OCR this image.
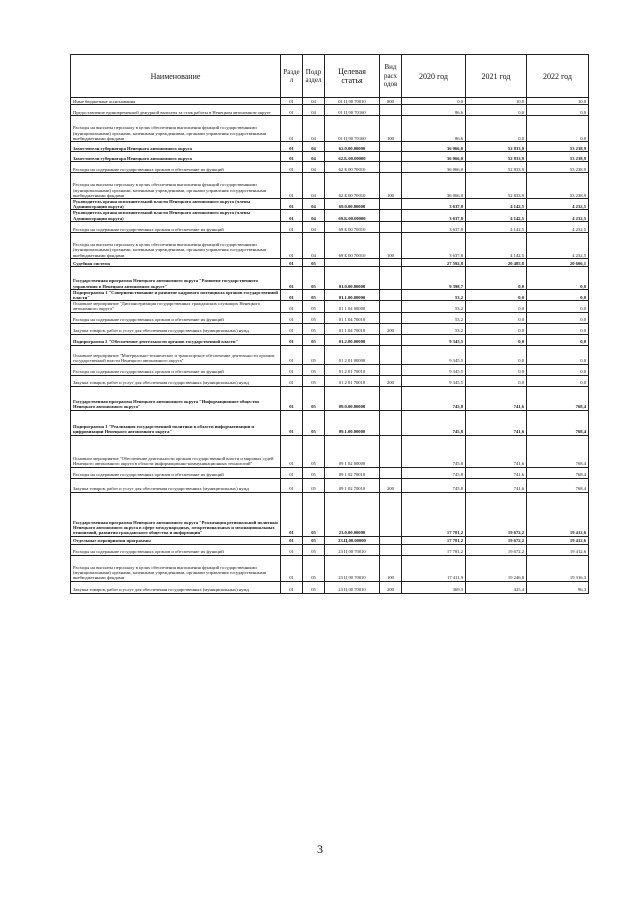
Наименование	Разде л	Подр аздел	Целевая статья	Вид расх одов	2020 год	2021 год	2022 год
Иные бюджетные ассигнования	01	04	01 Ц 00 70010	800	0,0	10,0	10,0
Предоставление единовременной дежурной выплаты за стаж работы в Ненецком автономном округе	01	04	01 Ц 00 70160		86,6	0,0	0,0
Расходы на выплаты персоналу в целях обеспечения выполнения функций государственными (муниципальными) органами, казенными учреждениями, органами управления государственными внебюджетными фондами	01	04	01 Ц 00 70160	100	86,6	0,0	0,0
Заместители губернатора Ненецкого автономного округа	01	04	62.0.00.00000		36 066,0	52 833,9	53 238,9
Заместители губернатора Ненецкого автономного округа	01	04	62.Б.00.00000		36 066,0	52 833,9	53 238,9
Расходы на содержание государственных органов и обеспечение их функций	01	04	62 Б 00 70010		36 066,0	52 833,9	53 238,9
Расходы на выплаты персоналу в целях обеспечения выполнения функций государственными (муниципальными) органами, казенными учреждениями, органами управления государственными внебюджетными фондами	01	04	62 Б 00 70010	100	36 066,0	52 833,9	53 238,9
Руководитель органа исполнительной власти Ненецкого автономного округа (члены Администрации округа)	01	04	69.0.00.00000		3 637,8	4 142,5	4 232,5
Руководитель органа исполнительной власти Ненецкого автономного округа (члены Администрации округа)	01	04	69.Б.00.00000		3 637,8	4 142,5	4 232,5
Расходы на содержание государственных органов и обеспечение их функций	01	04	69 Б 00 70010		3 637,8	4 142,5	4 232,5
Расходы на выплаты персоналу в целях обеспечения выполнения функций государственными (муниципальными) органами, казенными учреждениями, органами управления государственными внебюджетными фондами	01	04	69 Б 00 70010	100	3 637,8	4 142,5	4 232,5
Судебная система	01	05			27 592,8	20 485,8	20 606,1
Государственная программа Ненецкого автономного округа "Развитие государственного управления в Ненецком автономном округе"	01	05	01.0.00.00000		9 398,7	0,0	0,0
Подпрограмма 1 "Совершенствование и развитие кадрового потенциала органов государственной власти"	01	05	01.1.00.00000		53,2	0,0	0,0
Основное мероприятие "Диспансеризация государственных гражданских служащих Ненецкого автономного округа"	01	05	01 1 04 00000		53,2	0,0	0,0
Расходы на содержание государственных органов и обеспечение их функций	01	05	01 1 04 70010		53,2	0,0	0,0
Закупка товаров, работ и услуг для обеспечения государственных (муниципальных) нужд	01	05	01 1 04 70010	200	53,2	0,0	0,0
Подпрограмма 2 "Обеспечение деятельности органов государственной власти"	01	05	01.2.00.00000		9 345,5	0,0	0,0
Основное мероприятие "Материально-техническое и транспортное обеспечение деятельности органов государственной власти Ненецкого автономного округа"	01	05	01 2 01 00000		9 345,5	0,0	0,0
Расходы на содержание государственных органов и обеспечение их функций	01	05	01 2 01 70010		9 345,5	0,0	0,0
Закупка товаров, работ и услуг для обеспечения государственных (муниципальных) нужд	01	05	01 2 01 70010	200	9 345,5	0,0	0,0
Государственная программа Ненецкого автономного округа "Информационное общество Ненецкого автономного округа"	01	05	09.0.00.00000		745,8	741,6	768,4
Подпрограмма 1 "Реализация государственной политики в области информатизации и цифровизации Ненецкого автономного округа"	01	05	09.1.00.00000		745,8	741,6	768,4
Основное мероприятие "Обеспечение деятельности органов государственной власти и мировых судей Ненецкого автономного округа в области информационно-коммуникационных технологий"	01	05	09 1 02 00000		745,8	741,6	768,4
Расходы на содержание государственных органов и обеспечение их функций	01	05	09 1 02 70010		745,8	741,6	768,4
Закупка товаров, работ и услуг для обеспечения государственных (муниципальных) нужд	01	05	09 1 02 70010	200	745,8	741,6	768,4
Государственная программа Ненецкого автономного округа "Реализация региональной политики Ненецкого автономного округа в сфере международных, межрегиональных и межнациональных отношений, развития гражданского общества и информации"	01	05	23.0.00.00000		17 781,2	19 672,2	19 412,6
Отдельные мероприятия программы	01	05	23.Ц.00.00000		17 781,2	19 672,2	19 412,6
Расходы на содержание государственных органов и обеспечение их функций	01	05	23 Ц 00 70010		17 781,2	19 672,2	19 412,6
Расходы на выплаты персоналу в целях обеспечения выполнения функций государственными (муниципальными) органами, казенными учреждениями, органами управления государственными внебюджетными фондами	01	05	23 Ц 00 70010	100	17 411,9	19 246,8	19 316,3
Закупка товаров, работ и услуг для обеспечения государственных (муниципальных) нужд	01	05	23 Ц 00 70010	200	369,3	425,4	96,3
3
